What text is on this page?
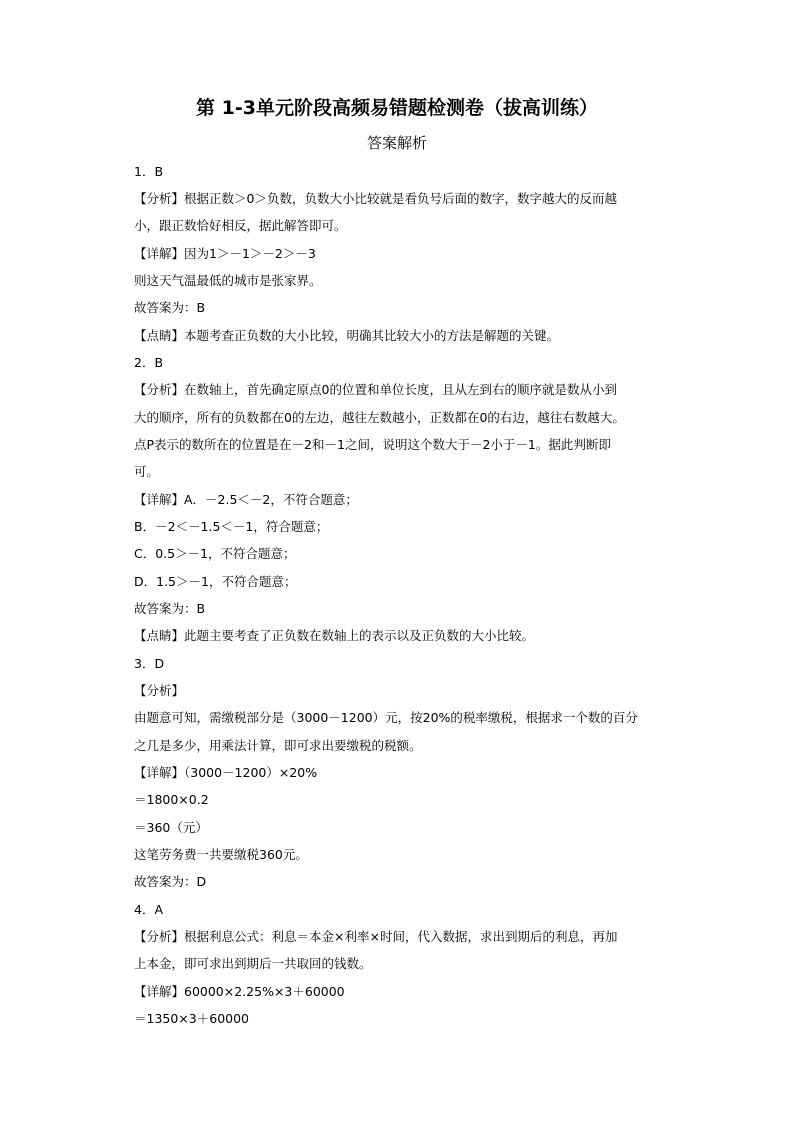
第 1-3单元阶段高频易错题检测卷（拔高训练）
答案解析
1．B
【分析】根据正数＞0＞负数，负数大小比较就是看负号后面的数字，数字越大的反而越
小，跟正数恰好相反，据此解答即可。
【详解】因为1＞－1＞－2＞－3
则这天气温最低的城市是张家界。
故答案为：B
【点睛】本题考查正负数的大小比较，明确其比较大小的方法是解题的关键。
2．B
【分析】在数轴上，首先确定原点0的位置和单位长度，且从左到右的顺序就是数从小到
大的顺序，所有的负数都在0的左边，越往左数越小，正数都在0的右边，越往右数越大。
点P表示的数所在的位置是在－2和－1之间，说明这个数大于－2小于－1。据此判断即
可。
【详解】A．－2.5＜－2，不符合题意；
B．－2＜－1.5＜－1，符合题意；
C．0.5＞－1，不符合题意；
D．1.5＞－1，不符合题意；
故答案为：B
【点睛】此题主要考查了正负数在数轴上的表示以及正负数的大小比较。
3．D
【分析】
由题意可知，需缴税部分是（3000－1200）元，按20%的税率缴税，根据求一个数的百分
之几是多少，用乘法计算，即可求出要缴税的税额。
【详解】（3000－1200）×20%
＝1800×0.2
＝360（元）
这笔劳务费一共要缴税360元。
故答案为：D
4．A
【分析】根据利息公式：利息＝本金×利率×时间，代入数据，求出到期后的利息，再加
上本金，即可求出到期后一共取回的钱数。
【详解】60000×2.25%×3＋60000
＝1350×3＋60000
